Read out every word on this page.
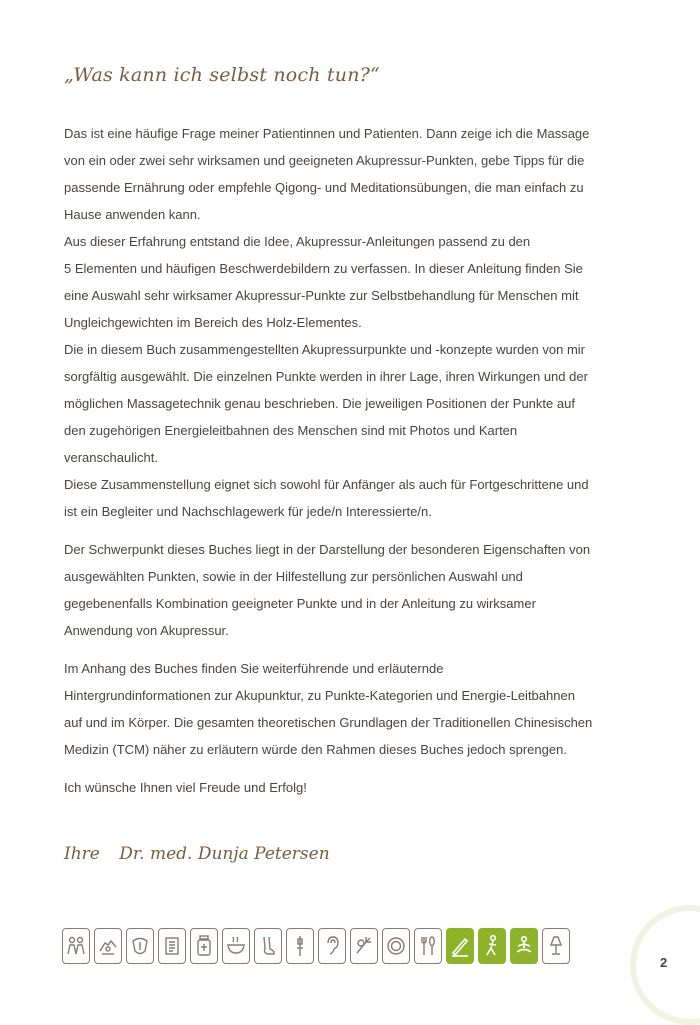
„Was kann ich selbst noch tun?“

Das ist eine häufige Frage meiner Patientinnen und Patienten. Dann zeige ich die Massage
von ein oder zwei sehr wirksamen und geeigneten Akupressur-Punkten, gebe Tipps für die
passende Ernährung oder empfehle Qigong- und Meditationsübungen, die man einfach zu
Hause anwenden kann.
Aus dieser Erfahrung entstand die Idee, Akupressur-Anleitungen passend zu den
5 Elementen und häufigen Beschwerdebildern zu verfassen. In dieser Anleitung finden Sie
eine Auswahl sehr wirksamer Akupressur-Punkte zur Selbstbehandlung für Menschen mit
Ungleichgewichten im Bereich des Holz-Elementes.
Die in diesem Buch zusammengestellten Akupressurpunkte und -konzepte wurden von mir
sorgfältig ausgewählt. Die einzelnen Punkte werden in ihrer Lage, ihren Wirkungen und der
möglichen Massagetechnik genau beschrieben. Die jeweiligen Positionen der Punkte auf
den zugehörigen Energieleitbahnen des Menschen sind mit Photos und Karten
veranschaulicht.
Diese Zusammenstellung eignet sich sowohl für Anfänger als auch für Fortgeschrittene und
ist ein Begleiter und Nachschlagewerk für jede/n Interessierte/n.

Der Schwerpunkt dieses Buches liegt in der Darstellung der besonderen Eigenschaften von
ausgewählten Punkten, sowie in der Hilfestellung zur persönlichen Auswahl und
gegebenenfalls Kombination geeigneter Punkte und in der Anleitung zu wirksamer
Anwendung von Akupressur.

Im Anhang des Buches finden Sie weiterführende und erläuternde
Hintergrundinformationen zur Akupunktur, zu Punkte-Kategorien und Energie-Leitbahnen
auf und im Körper. Die gesamten theoretischen Grundlagen der Traditionellen Chinesischen
Medizin (TCM) näher zu erläutern würde den Rahmen dieses Buches jedoch sprengen.

Ich wünsche Ihnen viel Freude und Erfolg!

Ihre Dr. med. Dunja Petersen
2
